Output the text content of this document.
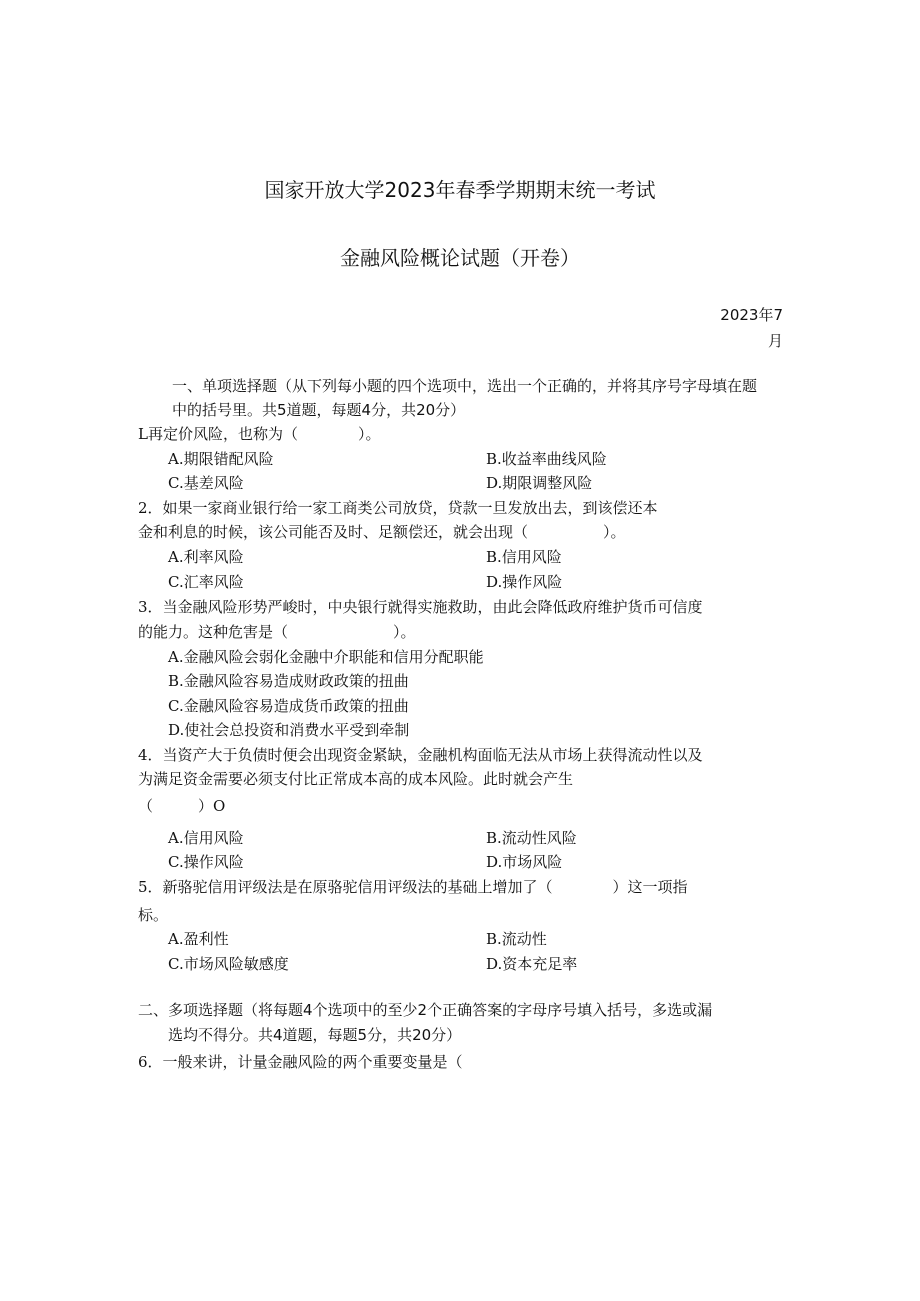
国家开放大学2023年春季学期期末统一考试
金融风险概论试题（开卷）
2023年7
月
一、单项选择题（从下列每小题的四个选项中，选出一个正确的，并将其序号字母填在题
中的括号里。共5道题，每题4分，共20分）
L再定价风险，也称为（　　　　）。
A.期限错配风险	B.收益率曲线风险
C.基差风险	D.期限调整风险
2．如果一家商业银行给一家工商类公司放贷，贷款一旦发放出去，到该偿还本
金和利息的时候，该公司能否及时、足额偿还，就会出现（　　　　　）。
A.利率风险	B.信用风险
C.汇率风险	D.操作风险
3．当金融风险形势严峻时，中央银行就得实施救助，由此会降低政府维护货币可信度
的能力。这种危害是（　　　　　　　）。
A.金融风险会弱化金融中介职能和信用分配职能
B.金融风险容易造成财政政策的扭曲
C.金融风险容易造成货币政策的扭曲
D.使社会总投资和消费水平受到牵制
4．当资产大于负债时便会出现资金紧缺，金融机构面临无法从市场上获得流动性以及
为满足资金需要必须支付比正常成本高的成本风险。此时就会产生
（　　　）O
A.信用风险	B.流动性风险
C.操作风险	D.市场风险
5．新骆驼信用评级法是在原骆驼信用评级法的基础上增加了（　　　　）这一项指
标。
A.盈利性	B.流动性
C.市场风险敏感度	D.资本充足率
二、多项选择题（将每题4个选项中的至少2个正确答案的字母序号填入括号，多选或漏
选均不得分。共4道题，每题5分，共20分）
6．一般来讲，计量金融风险的两个重要变量是（
